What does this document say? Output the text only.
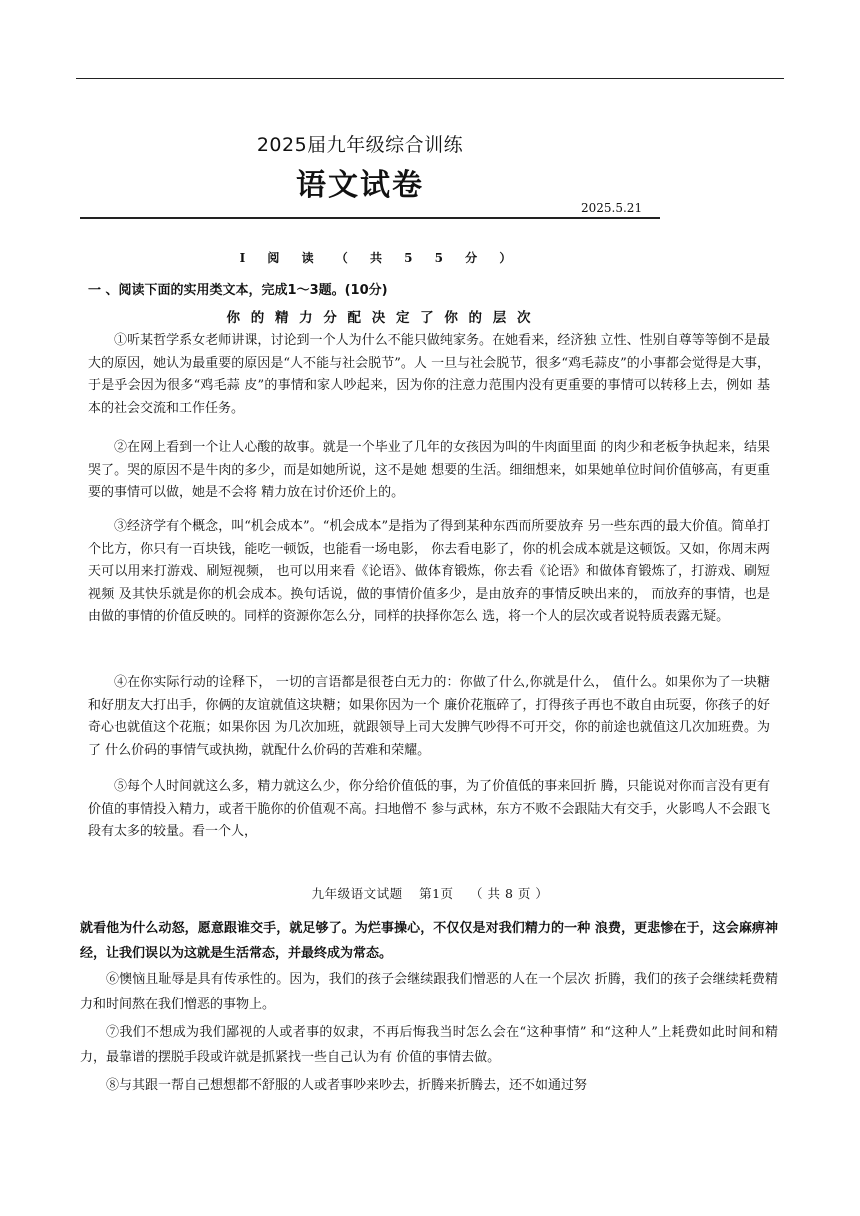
2025届九年级综合训练
语文试卷
2025.5.21
I 阅 读 （ 共 5 5 分 ）
一 、阅读下面的实用类文本，完成1～3题。(10分)
你 的 精 力 分 配 决 定 了 你 的 层 次

①听某哲学系女老师讲课，讨论到一个人为什么不能只做纯家务。在她看来，经济独 立性、性别自尊等等倒不是最大的原因，她认为最重要的原因是“人不能与社会脱节”。人 一旦与社会脱节，很多“鸡毛蒜皮”的小事都会觉得是大事，于是乎会因为很多“鸡毛蒜 皮”的事情和家人吵起来，因为你的注意力范围内没有更重要的事情可以转移上去，例如 基本的社会交流和工作任务。

②在网上看到一个让人心酸的故事。就是一个毕业了几年的女孩因为叫的牛肉面里面 的肉少和老板争执起来，结果哭了。哭的原因不是牛肉的多少，而是如她所说，这不是她 想要的生活。细细想来，如果她单位时间价值够高，有更重要的事情可以做，她是不会将 精力放在讨价还价上的。

③经济学有个概念，叫“机会成本”。“机会成本”是指为了得到某种东西而所要放弃 另一些东西的最大价值。简单打个比方，你只有一百块钱，能吃一顿饭，也能看一场电影， 你去看电影了，你的机会成本就是这顿饭。又如，你周末两天可以用来打游戏、刷短视频， 也可以用来看《论语》、做体育锻炼，你去看《论语》和做体育锻炼了，打游戏、刷短视频 及其快乐就是你的机会成本。换句话说，做的事情价值多少，是由放弃的事情反映出来的， 而放弃的事情，也是由做的事情的价值反映的。同样的资源你怎么分，同样的抉择你怎么 选，将一个人的层次或者说特质表露无疑。

④在你实际行动的诠释下， 一切的言语都是很苍白无力的：你做了什么,你就是什么， 值什么。如果你为了一块糖和好朋友大打出手，你俩的友谊就值这块糖；如果你因为一个 廉价花瓶碎了，打得孩子再也不敢自由玩耍，你孩子的好奇心也就值这个花瓶；如果你因 为几次加班，就跟领导上司大发脾气吵得不可开交，你的前途也就值这几次加班费。为了 什么价码的事情气或执拗，就配什么价码的苦难和荣耀。

⑤每个人时间就这么多，精力就这么少，你分给价值低的事，为了价值低的事来回折 腾，只能说对你而言没有更有价值的事情投入精力，或者干脆你的价值观不高。扫地僧不 参与武林，东方不败不会跟陆大有交手，火影鸣人不会跟飞段有太多的较量。看一个人，

九年级语文试题 第1页 （ 共 8 页 ）

就看他为什么动怒，愿意跟谁交手，就足够了。为烂事操心，不仅仅是对我们精力的一种 浪费，更悲惨在于，这会麻痹神经，让我们误以为这就是生活常态，并最终成为常态。

⑥懊恼且耻辱是具有传承性的。因为，我们的孩子会继续跟我们憎恶的人在一个层次 折腾，我们的孩子会继续耗费精力和时间熬在我们憎恶的事物上。

⑦我们不想成为我们鄙视的人或者事的奴隶，不再后悔我当时怎么会在“这种事情” 和“这种人”上耗费如此时间和精力，最靠谱的摆脱手段或许就是抓紧找一些自己认为有 价值的事情去做。

⑧与其跟一帮自己想想都不舒服的人或者事吵来吵去，折腾来折腾去，还不如通过努
